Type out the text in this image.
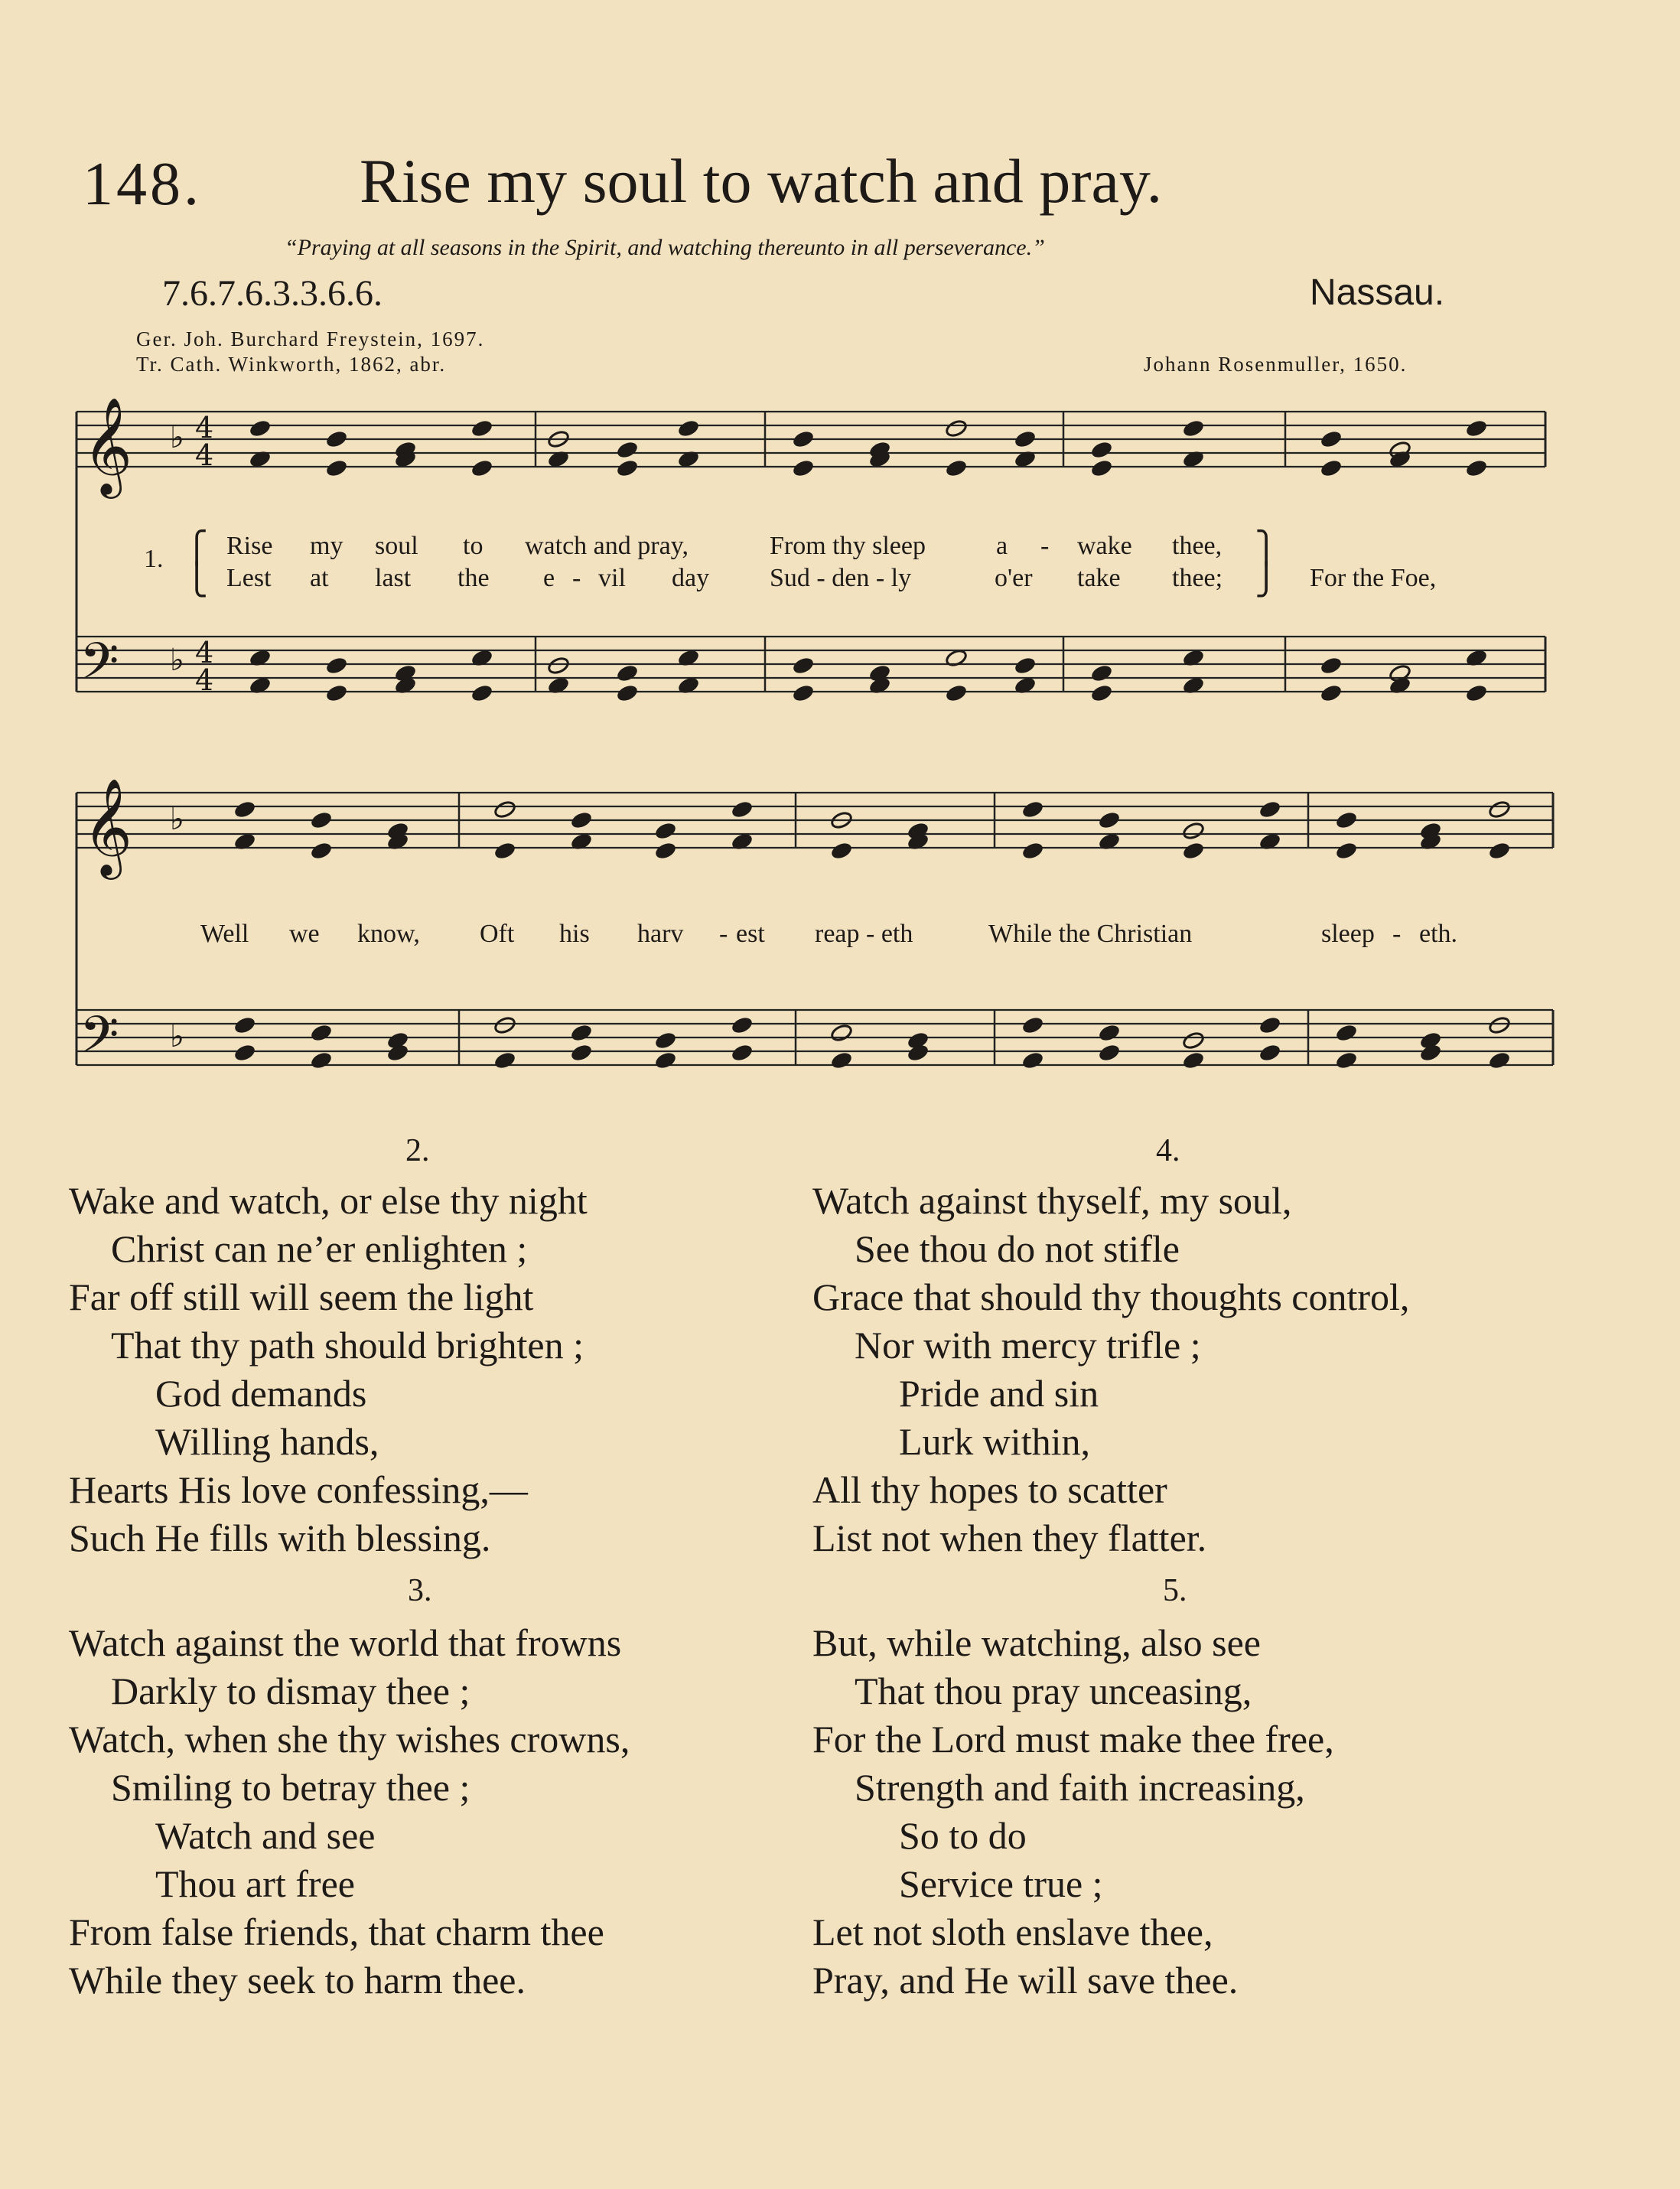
148.	Rise my soul to watch and pray.
“Praying at all seasons in the Spirit, and watching thereunto in all perseverance.”
7.6.7.6.3.3.6.6.	Nassau.
Ger. Joh. Burchard Freystein, 1697.
Tr. Cath. Winkworth, 1862, abr.	Johann Rosenmuller, 1650.
𝄞
𝄢
𝄞
𝄢
♭
♭
♭
♭
4
4
4
4
1. ⎧
⎩
⎫
⎭
Rise my soul to watch and pray,	From thy sleep	a - wake thee,
Lest at last the e - vil day Sud - den - ly	o'er take thee;	For the Foe,
Well we know, Oft his harv - est reap - eth	While the Christian	sleep - eth.
2.
Wake and watch, or else thy night
Christ can ne’er enlighten ;
Far off still will seem the light
That thy path should brighten ;
God demands
Willing hands,
Hearts His love confessing,—
Such He fills with blessing.
3.
Watch against the world that frowns
Darkly to dismay thee ;
Watch, when she thy wishes crowns,
Smiling to betray thee ;
Watch and see
Thou art free
From false friends, that charm thee
While they seek to harm thee.
4.
Watch against thyself, my soul,
See thou do not stifle
Grace that should thy thoughts control,
Nor with mercy trifle ;
Pride and sin
Lurk within,
All thy hopes to scatter
List not when they flatter.
5.
But, while watching, also see
That thou pray unceasing,
For the Lord must make thee free,
Strength and faith increasing,
So to do
Service true ;
Let not sloth enslave thee,
Pray, and He will save thee.
